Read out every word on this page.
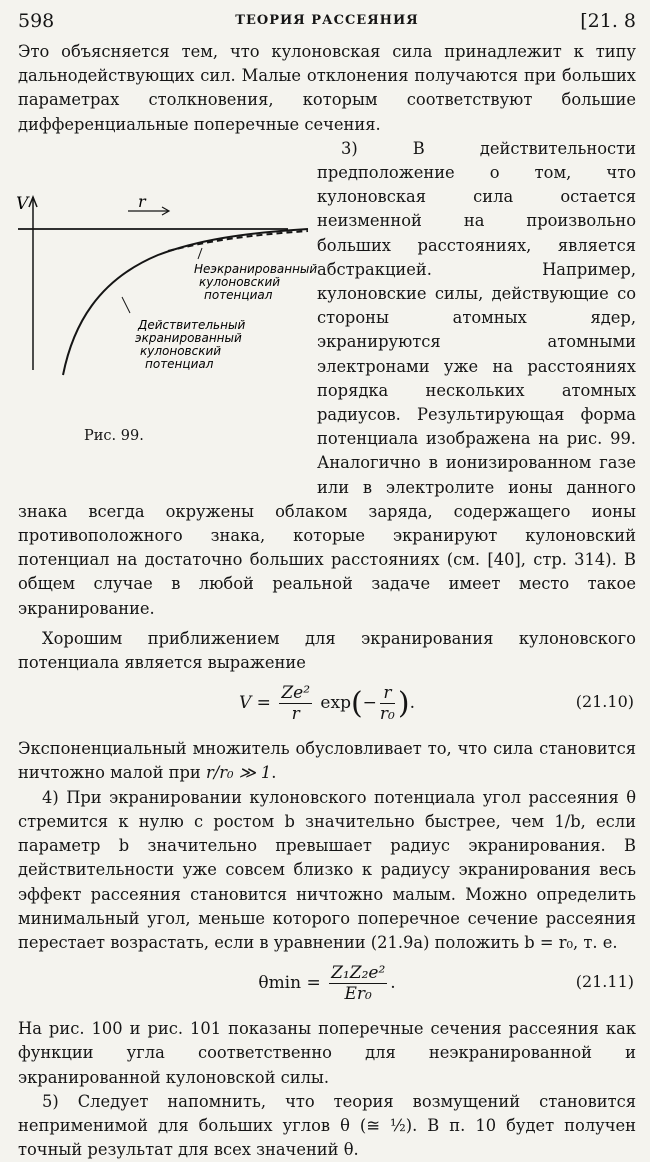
598	ТЕОРИЯ РАССЕЯНИЯ	[21. 8

Это объясняется тем, что кулоновская сила принадлежит к типу дальнодействующих сил. Малые отклонения получаются при больших параметрах столкновения, которым соответствуют большие дифференциальные поперечные сечения.

r
V
Неэкранированный
кулоновский
потенциал
Действительный
экранированный
кулоновский
потенциал
Рис. 99.

3) В действительности предположение о том, что кулоновская сила остается неизменной на произвольно больших расстояниях, является абстракцией. Например, кулоновские силы, действующие со стороны атомных ядер, экранируются атомными электронами уже на расстояниях порядка нескольких атомных радиусов. Результирующая форма потенциала изображена на рис. 99. Аналогично в ионизированном газе или в электролите ионы данного знака всегда окружены облаком заряда, содержащего ионы противоположного знака, которые экранируют кулоновский потенциал на достаточно больших расстояниях (см. [40], стр. 314). В общем случае в любой реальной задаче имеет место такое экранирование.

Хорошим приближением для экранирования кулоновского потенциала является выражение

$V = \frac{\text{Ze²}}{r} \exp(- \frac{r}{\text{r₀}}$ ).	(21.10)

Экспоненциальный множитель обусловливает то, что сила становится ничтожно малой при r/r₀ ≫ 1.

4) При экранировании кулоновского потенциала угол рассеяния θ стремится к нулю с ростом b значительно быстрее, чем 1/b, если параметр b значительно превышает радиус экранирования. В действительности уже совсем близко к радиусу экранирования весь эффект рассеяния становится ничтожно малым. Можно определить минимальный угол, меньше которого поперечное сечение рассеяния перестает возрастать, если в уравнении (21.9а) положить b = r₀, т. е.

$\theta\min = \frac{\text{Z₁Z₂e²}}{\text{Er₀}}$ .	(21.11)

На рис. 100 и рис. 101 показаны поперечные сечения рассеяния как функции угла соответственно для неэкранированной и экранированной кулоновской силы.

5) Следует напомнить, что теория возмущений становится неприменимой для больших углов θ (≅ ½). В п. 10 будет получен точный результат для всех значений θ.
